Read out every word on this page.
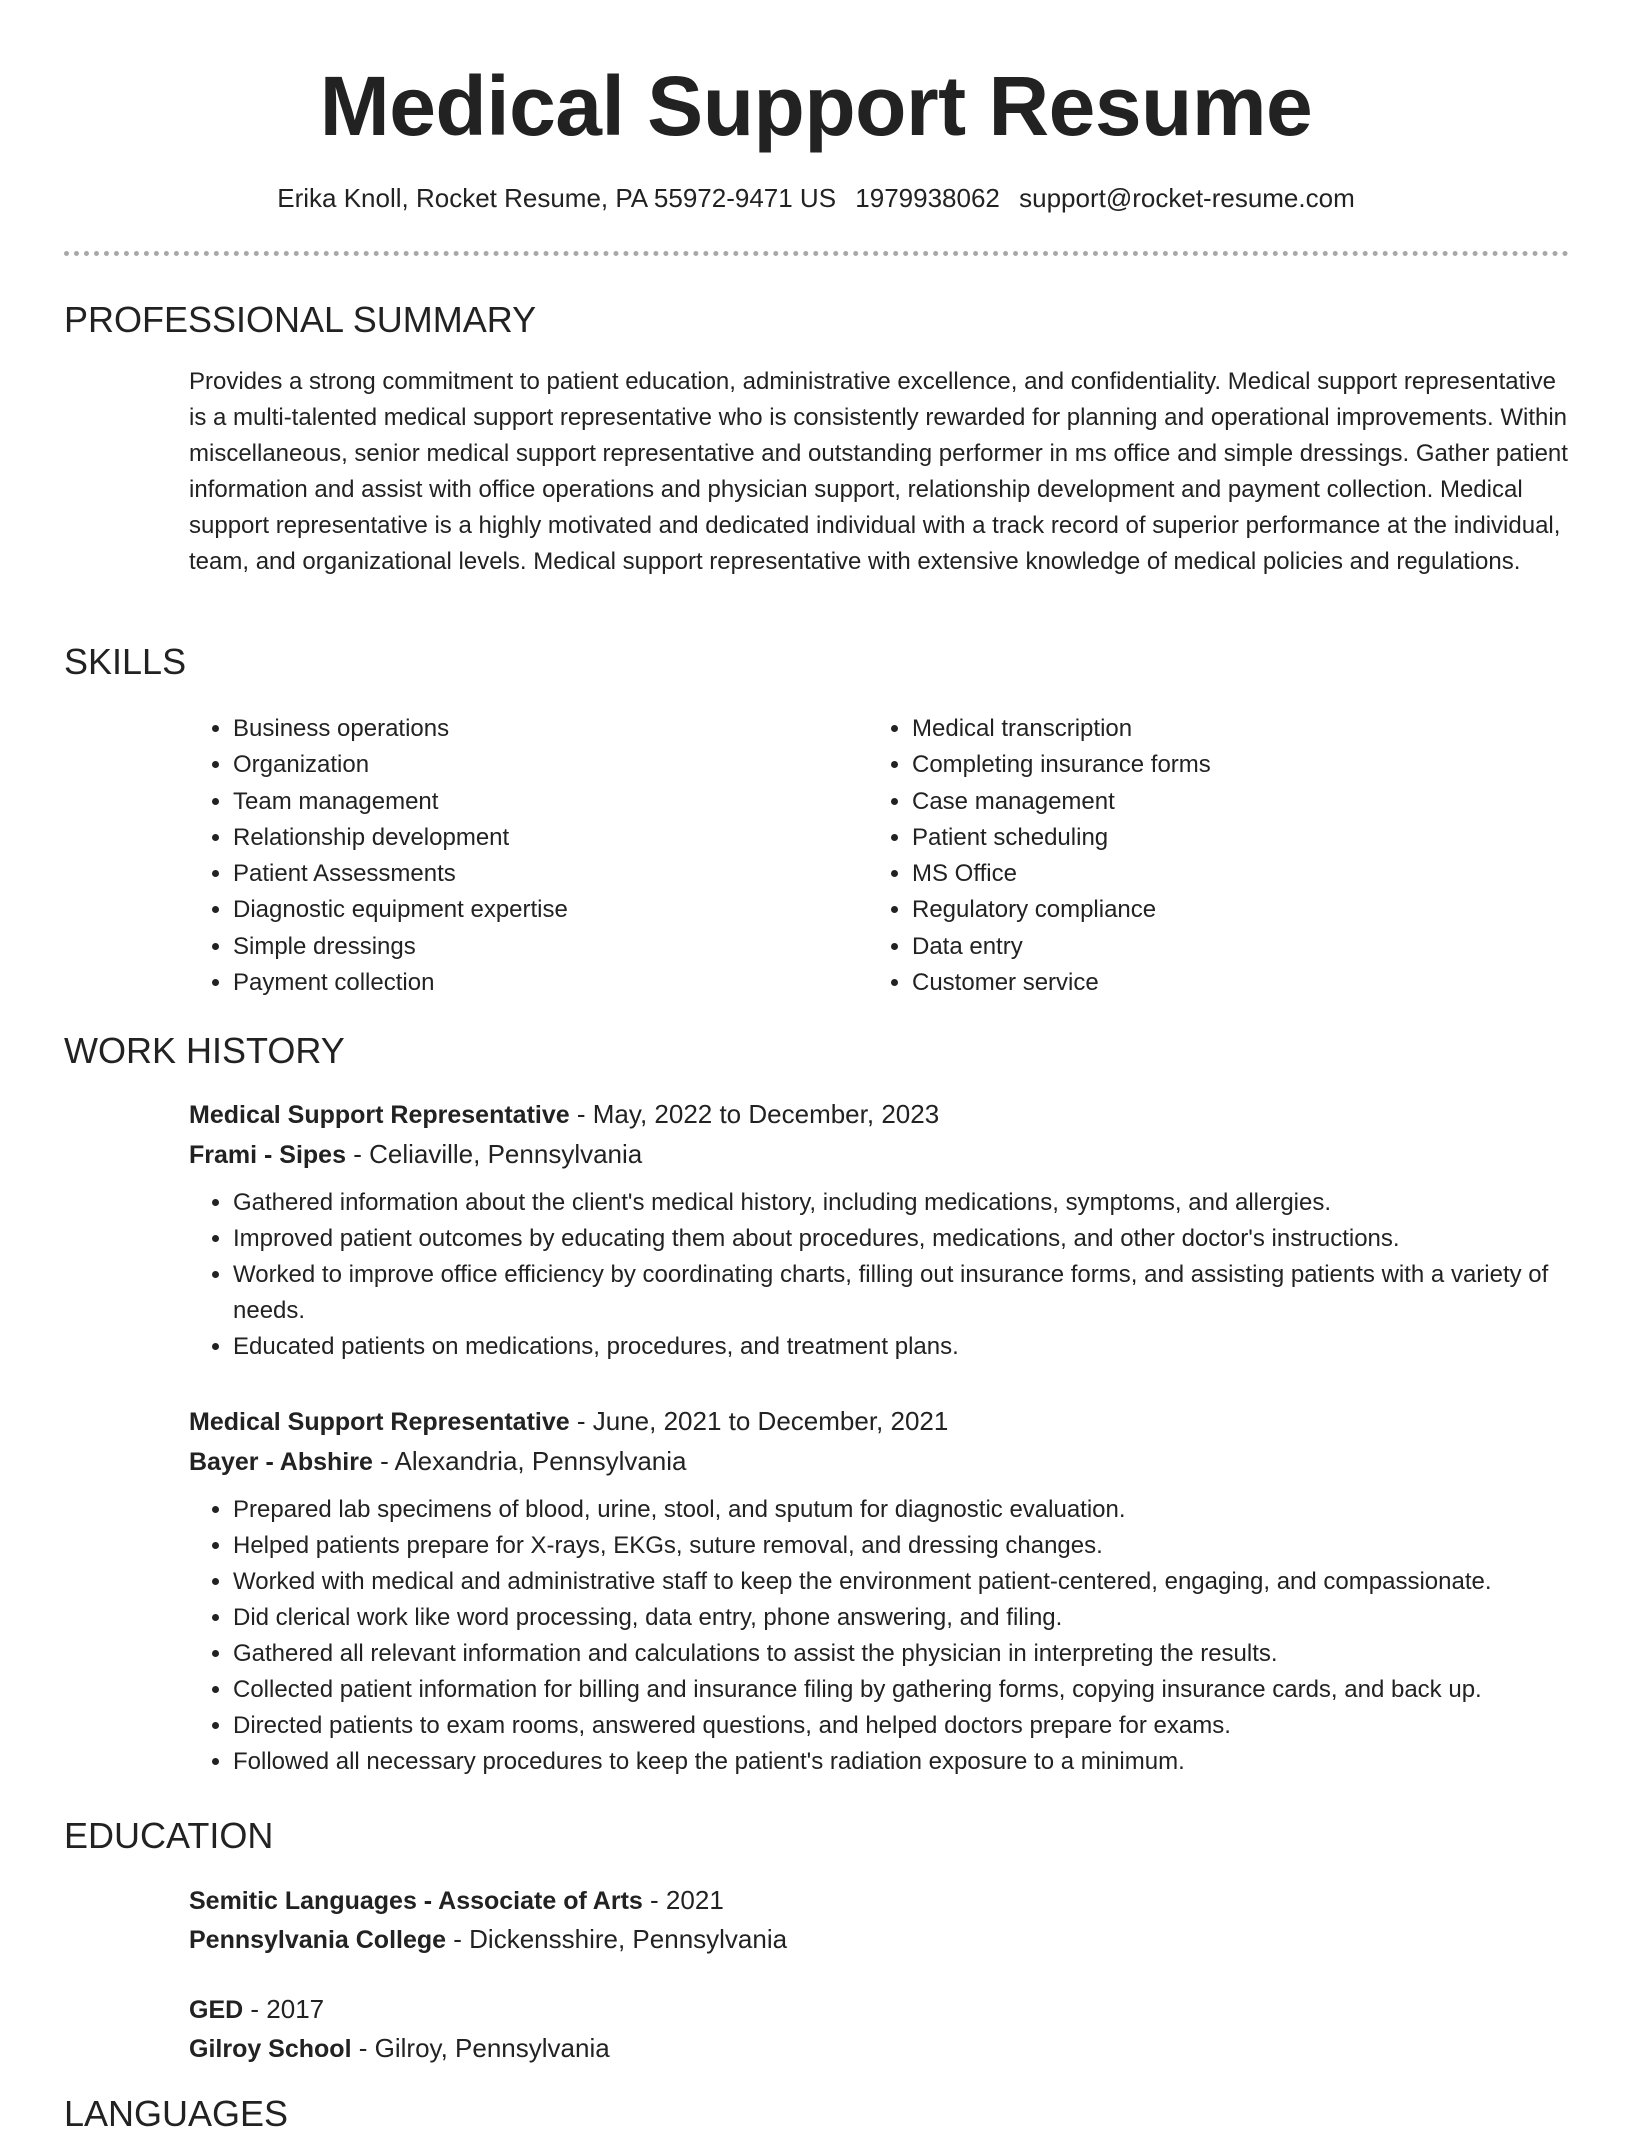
Medical Support Resume
Erika Knoll, Rocket Resume, PA 55972-9471 US 1979938062 support@rocket-resume.com
PROFESSIONAL SUMMARY

Provides a strong commitment to patient education, administrative excellence, and confidentiality. Medical support representative is a multi-talented medical support representative who is consistently rewarded for planning and operational improvements. Within miscellaneous, senior medical support representative and outstanding performer in ms office and simple dressings. Gather patient information and assist with office operations and physician support, relationship development and payment collection. Medical support representative is a highly motivated and dedicated individual with a track record of superior performance at the individual, team, and organizational levels. Medical support representative with extensive knowledge of medical policies and regulations.

SKILLS
• Business operations
• Organization
• Team management
• Relationship development
• Patient Assessments
• Diagnostic equipment expertise
• Simple dressings
• Payment collection
• Medical transcription
• Completing insurance forms
• Case management
• Patient scheduling
• MS Office
• Regulatory compliance
• Data entry
• Customer service
WORK HISTORY
Medical Support Representative - May, 2022 to December, 2023
Frami - Sipes - Celiaville, Pennsylvania
• Gathered information about the client's medical history, including medications, symptoms, and allergies.
• Improved patient outcomes by educating them about procedures, medications, and other doctor's instructions.
• Worked to improve office efficiency by coordinating charts, filling out insurance forms, and assisting patients with a variety of needs.
• Educated patients on medications, procedures, and treatment plans.
Medical Support Representative - June, 2021 to December, 2021
Bayer - Abshire - Alexandria, Pennsylvania
• Prepared lab specimens of blood, urine, stool, and sputum for diagnostic evaluation.
• Helped patients prepare for X-rays, EKGs, suture removal, and dressing changes.
• Worked with medical and administrative staff to keep the environment patient-centered, engaging, and compassionate.
• Did clerical work like word processing, data entry, phone answering, and filing.
• Gathered all relevant information and calculations to assist the physician in interpreting the results.
• Collected patient information for billing and insurance filing by gathering forms, copying insurance cards, and back up.
• Directed patients to exam rooms, answered questions, and helped doctors prepare for exams.
• Followed all necessary procedures to keep the patient's radiation exposure to a minimum.
EDUCATION
Semitic Languages - Associate of Arts - 2021
Pennsylvania College - Dickensshire, Pennsylvania
GED - 2017
Gilroy School - Gilroy, Pennsylvania
LANGUAGES
